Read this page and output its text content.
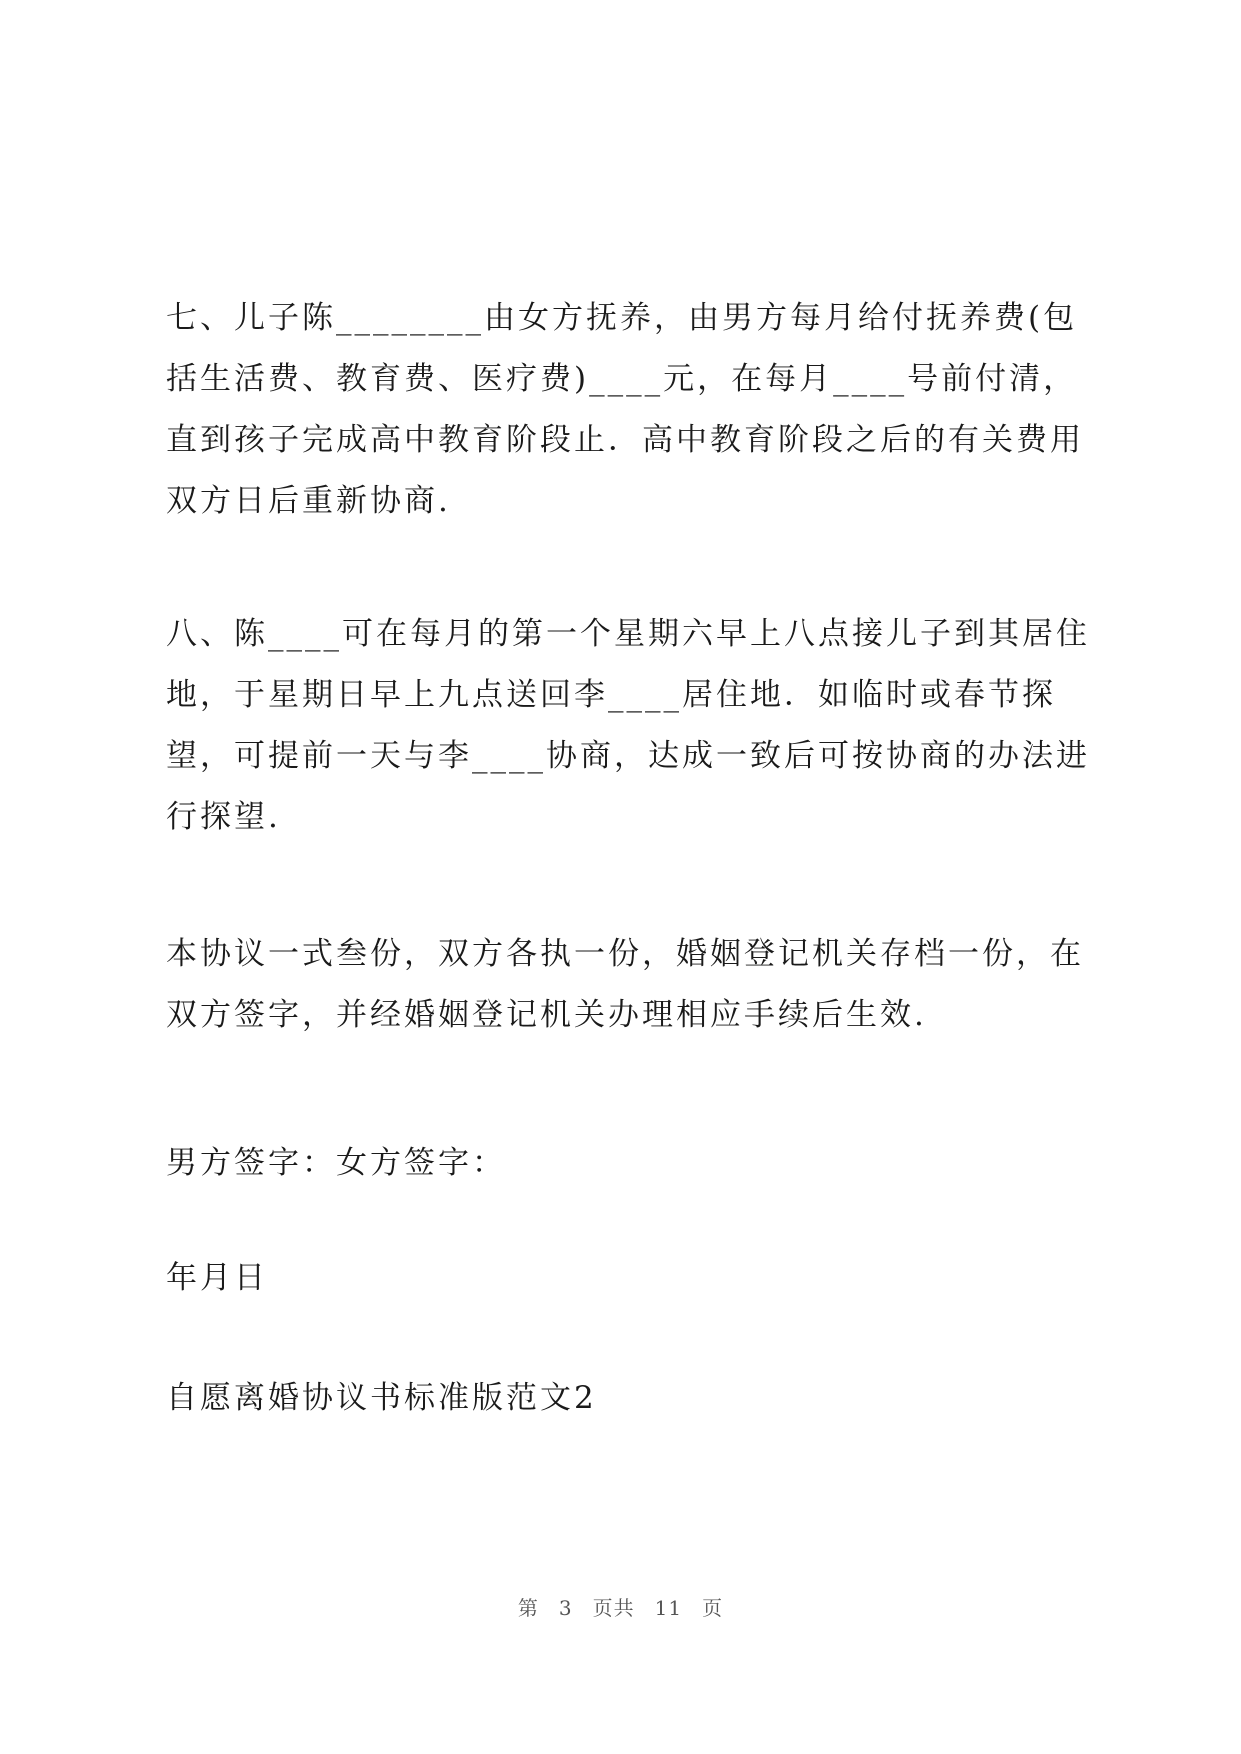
七、儿子陈________由女方抚养，由男方每月给付抚养费(包括生活费、教育费、医疗费)____元，在每月____号前付清，直到孩子完成高中教育阶段止．高中教育阶段之后的有关费用双方日后重新协商.

八、陈____可在每月的第一个星期六早上八点接儿子到其居住地，于星期日早上九点送回李____居住地．如临时或春节探望，可提前一天与李____协商，达成一致后可按协商的办法进行探望.

本协议一式叁份，双方各执一份，婚姻登记机关存档一份，在双方签字，并经婚姻登记机关办理相应手续后生效.

男方签字：女方签字：

年月日

自愿离婚协议书标准版范文2

第 3 页共 11 页
